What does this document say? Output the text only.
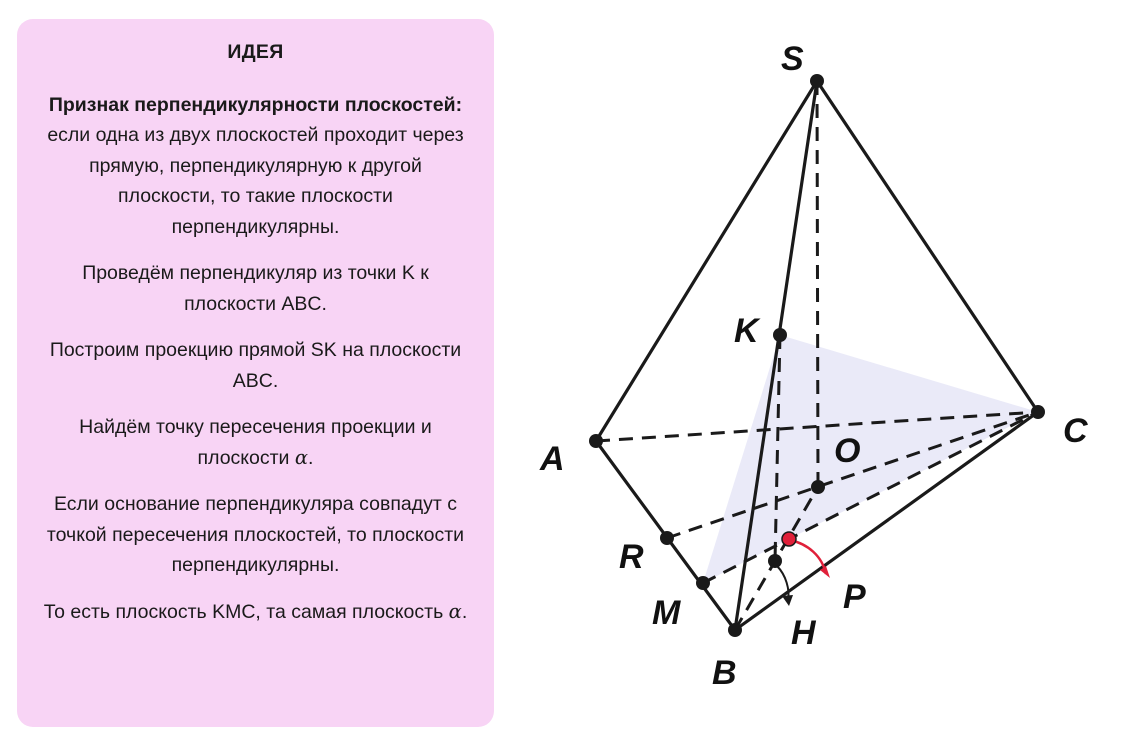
ИДЕЯ
Признак перпендикулярности плоскостей: если одна из двух плоскостей проходит через прямую, перпендикулярную к другой плоскости, то такие плоскости перпендикулярны.
Проведём перпендикуляр из точки K к плоскости ABC.
Построим проекцию прямой SK на плоскости ABC.
Найдём точку пересечения проекции и плоскости α.
Если основание перпендикуляра совпадут с точкой пересечения плоскостей, то плоскости перпендикулярны.
То есть плоскость KMC, та самая плоскость α.
S
K
A
C
O
R
M
B
H
P
